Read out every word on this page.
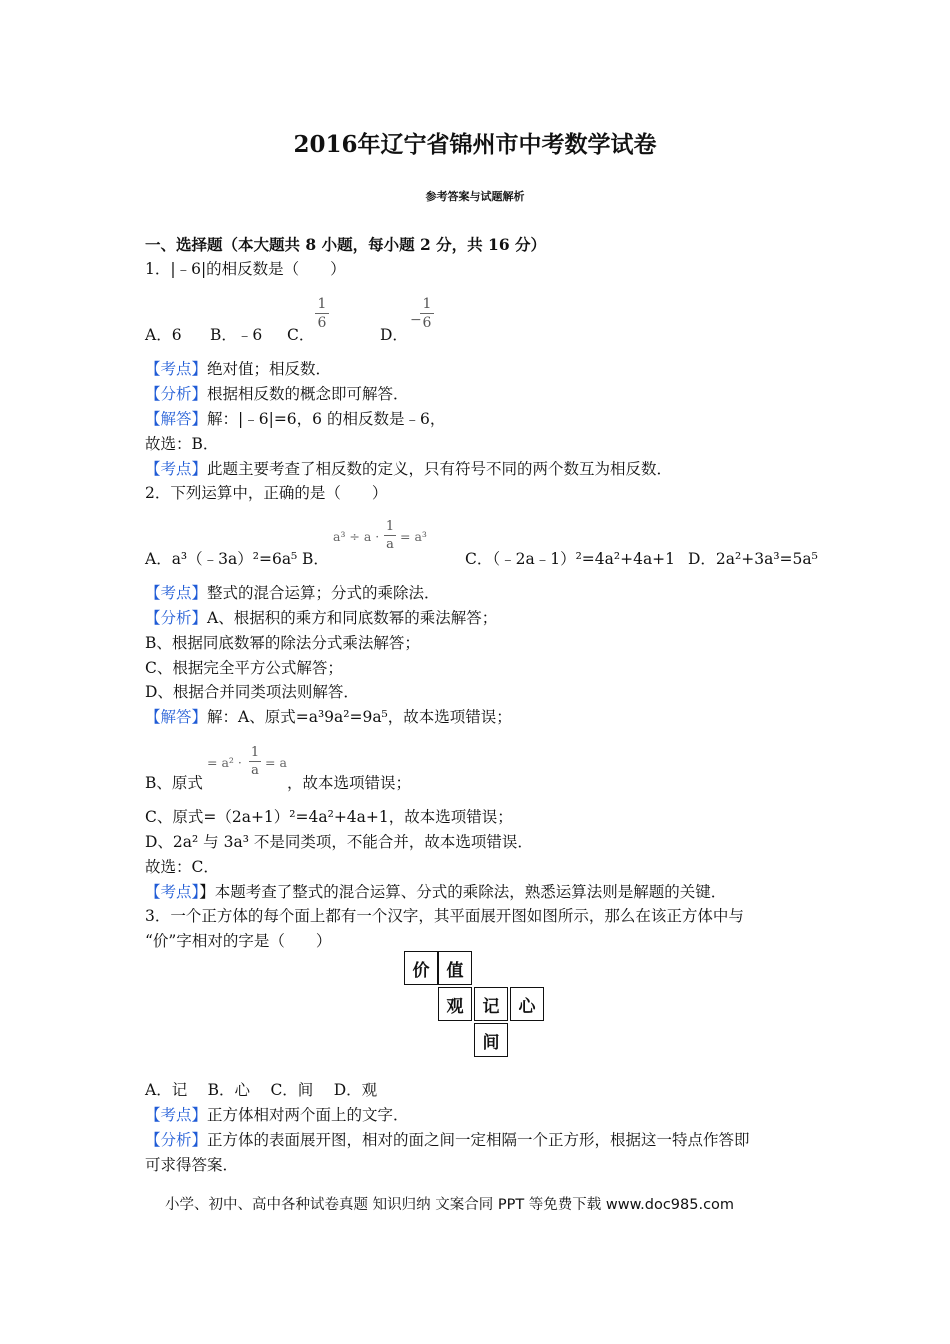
2016年辽宁省锦州市中考数学试卷
参考答案与试题解析
一、选择题（本大题共 8 小题，每小题 2 分，共 16 分）
1．|﹣6|的相反数是（　　）
A．6 B．﹣6 C．
1
6
D．
−
1
6
【考点】绝对值；相反数．
【分析】根据相反数的概念即可解答．
【解答】解：|﹣6|=6，6 的相反数是﹣6，
故选：B．
【考点】此题主要考查了相反数的定义，只有符号不同的两个数互为相反数．
2．下列运算中，正确的是（　　）
A．a³（﹣3a）²=6a⁵ B．
a³ ÷ a ·
1
a
= a³
C．（﹣2a﹣1）²=4a²+4a+1 D．2a²+3a³=5a⁵
【考点】整式的混合运算；分式的乘除法．
【分析】A、根据积的乘方和同底数幂的乘法解答；
B、根据同底数幂的除法分式乘法解答；
C、根据完全平方公式解答；
D、根据合并同类项法则解答．
【解答】解：A、原式=a³9a²=9a⁵，故本选项错误；
B、原式
= a² ·
1
a
= a
，故本选项错误；
C、原式=（2a+1）²=4a²+4a+1，故本选项错误；
D、2a² 与 3a³ 不是同类项，不能合并，故本选项错误．
故选：C．
【考点】】本题考查了整式的混合运算、分式的乘除法，熟悉运算法则是解题的关键．
3．一个正方体的每个面上都有一个汉字，其平面展开图如图所示，那么在该正方体中与
“价”字相对的字是（　　）
价	值
观	记	心
间
A．记　 B．心　 C．间　 D．观
【考点】正方体相对两个面上的文字．
【分析】正方体的表面展开图，相对的面之间一定相隔一个正方形，根据这一特点作答即
可求得答案．
小学、初中、高中各种试卷真题 知识归纳 文案合同 PPT 等免费下载 www.doc985.com
